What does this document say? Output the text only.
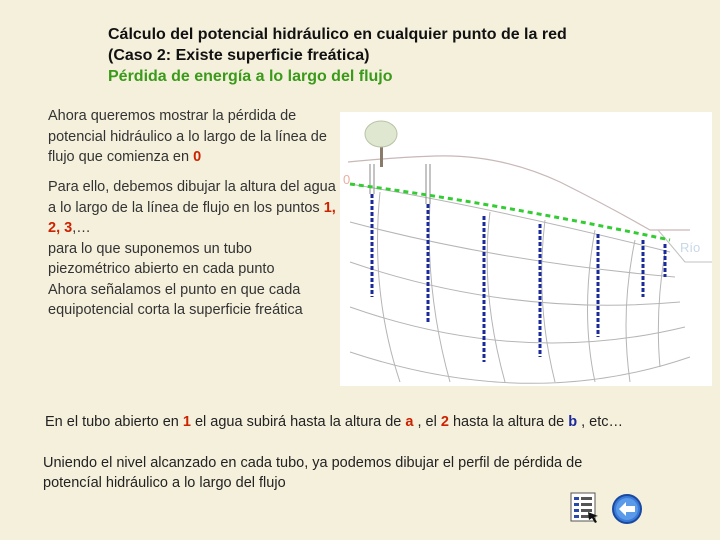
Cálculo del potencial hidráulico en cualquier punto de la red
(Caso 2: Existe superficie freática)
Pérdida de energía a lo largo del flujo
Ahora queremos mostrar la pérdida de potencial hidráulico a lo largo de la línea de flujo que comienza en 0
Para ello, debemos dibujar la altura del agua a lo largo de la línea de flujo en los puntos 1, 2, 3,…
para lo que suponemos un tubo piezométrico abierto en cada punto
Ahora señalamos el punto en que cada equipotencial corta la superficie freática
0
Río
En el tubo abierto en 1 el agua subirá hasta la altura de a , el 2 hasta la altura de b , etc…
Uniendo el nivel alcanzado en cada tubo, ya podemos dibujar el perfil de pérdida de potencíal hidráulico a lo largo del flujo
